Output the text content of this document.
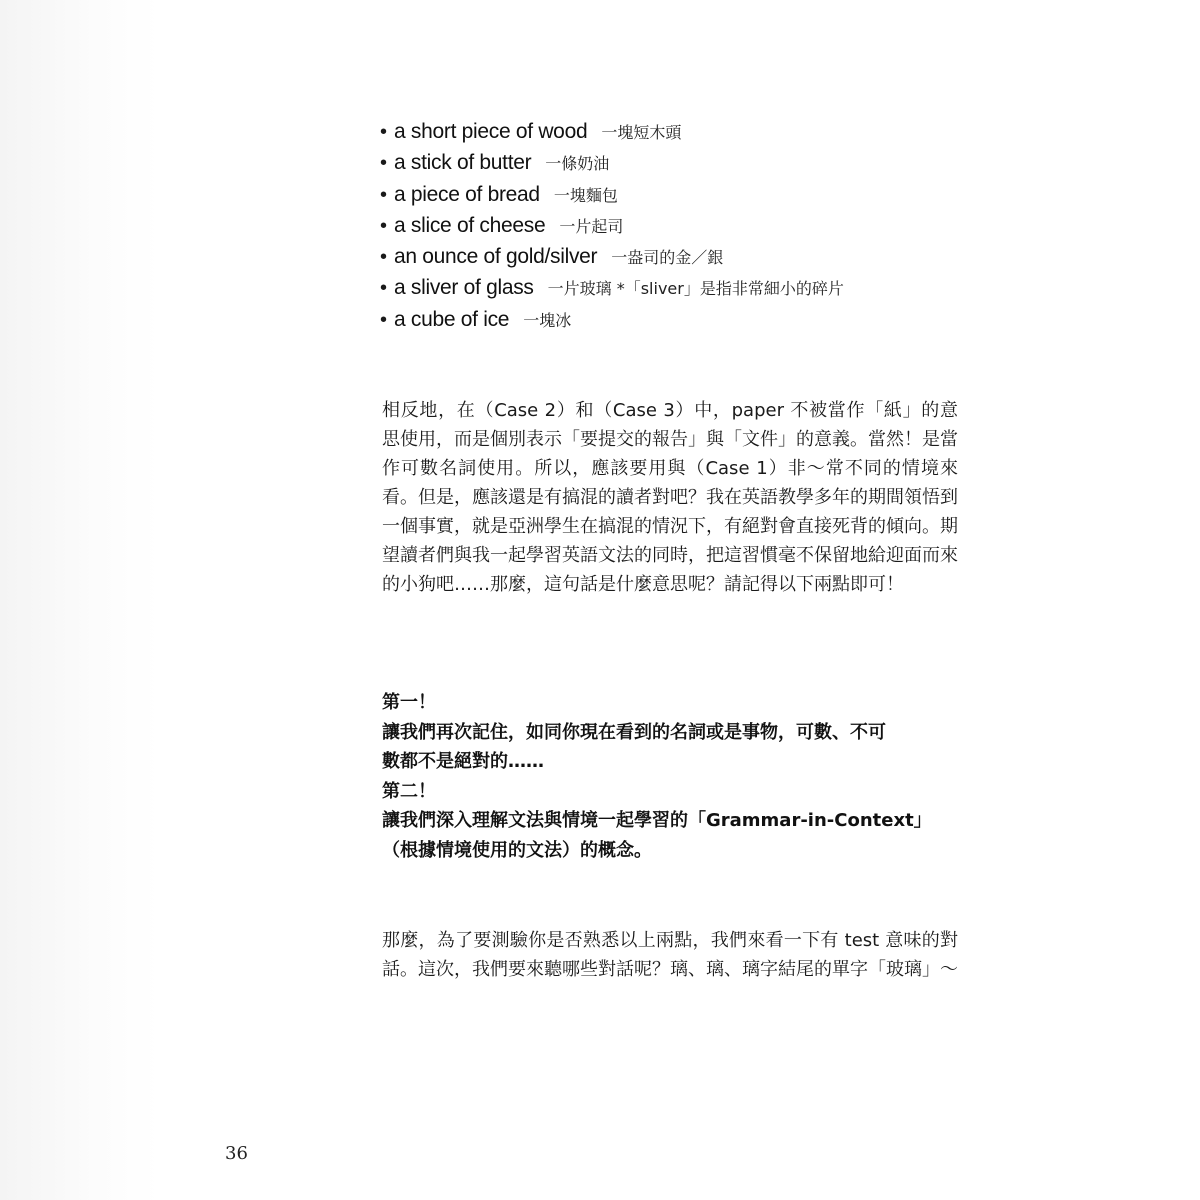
• a short piece of wood 一塊短木頭
• a stick of butter 一條奶油
• a piece of bread 一塊麵包
• a slice of cheese 一片起司
• an ounce of gold/silver 一盎司的金／銀
• a sliver of glass 一片玻璃 *「sliver」是指非常細小的碎片
• a cube of ice 一塊冰

相反地，在（Case 2）和（Case 3）中，paper 不被當作「紙」的意思使用，而是個別表示「要提交的報告」與「文件」的意義。當然！是當作可數名詞使用。所以，應該要用與（Case 1）非～常不同的情境來看。但是，應該還是有搞混的讀者對吧？我在英語教學多年的期間領悟到一個事實，就是亞洲學生在搞混的情況下，有絕對會直接死背的傾向。期望讀者們與我一起學習英語文法的同時，把這習慣毫不保留地給迎面而來的小狗吧……那麼，這句話是什麼意思呢？請記得以下兩點即可！

第一！
讓我們再次記住，如同你現在看到的名詞或是事物，可數、不可
數都不是絕對的……
第二！
讓我們深入理解文法與情境一起學習的「Grammar-in-Context」
（根據情境使用的文法）的概念。

那麼，為了要測驗你是否熟悉以上兩點，我們來看一下有 test 意味的對話。這次，我們要來聽哪些對話呢？璃、璃、璃字結尾的單字「玻璃」～

36
